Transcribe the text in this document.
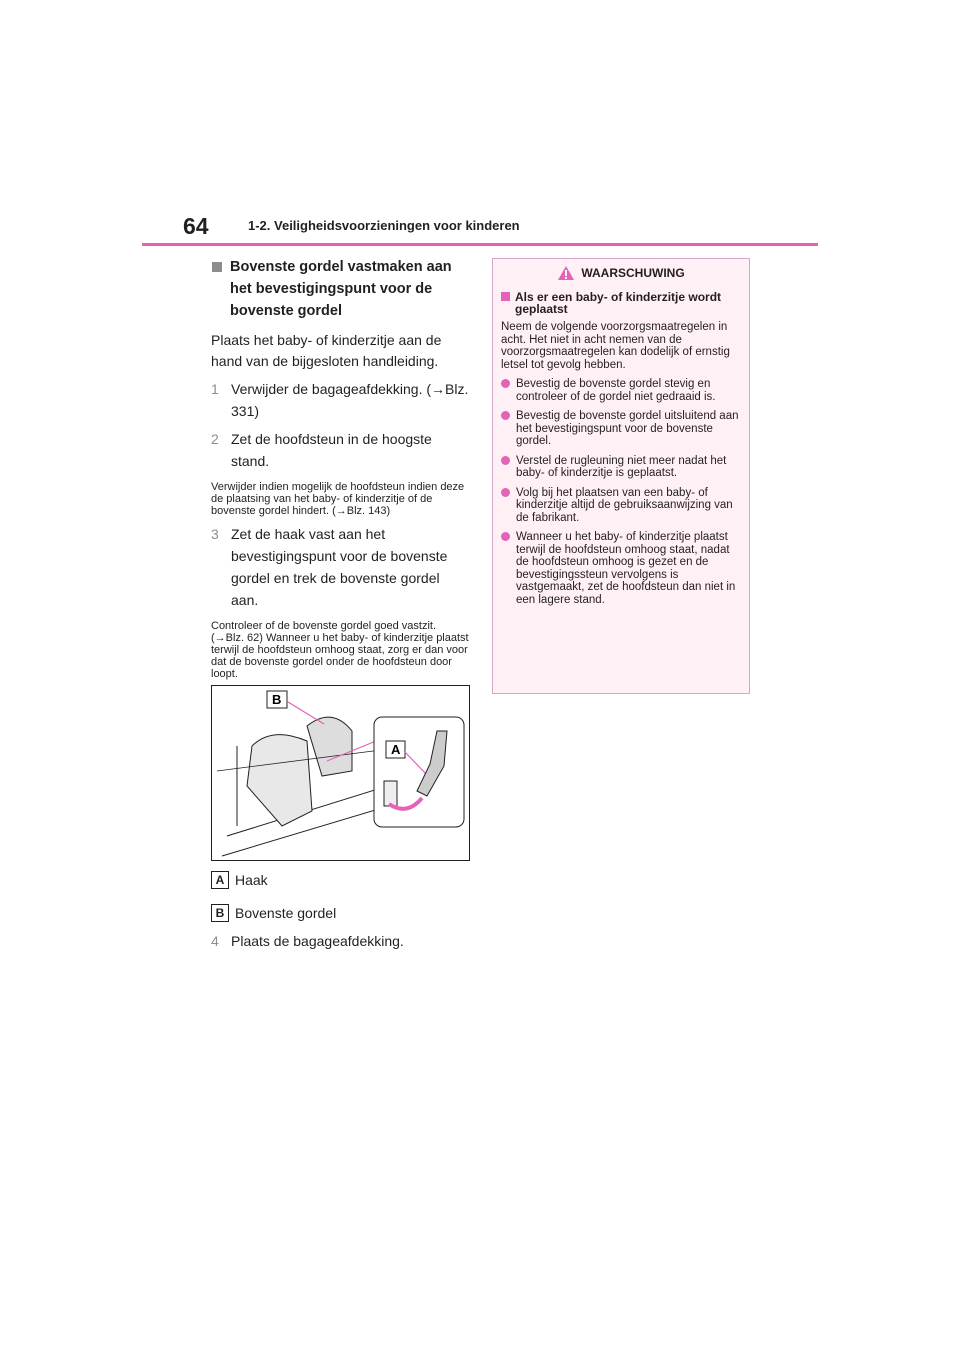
64	1-2. Veiligheidsvoorzieningen voor kinderen
Bovenste gordel vastmaken aan het bevestigingspunt voor de bovenste gordel
Plaats het baby- of kinderzitje aan de hand van de bijgesloten handleiding.
1 Verwijder de bagageafdekking. (→Blz. 331)
2 Zet de hoofdsteun in de hoogste stand.
Verwijder indien mogelijk de hoofdsteun indien deze de plaatsing van het baby- of kinderzitje of de bovenste gordel hindert. (→Blz. 143)
3 Zet de haak vast aan het bevestigingspunt voor de bovenste gordel en trek de bovenste gordel aan.
Controleer of de bovenste gordel goed vastzit. (→Blz. 62) Wanneer u het baby- of kinderzitje plaatst terwijl de hoofdsteun omhoog staat, zorg er dan voor dat de bovenste gordel onder de hoofdsteun door loopt.
B
A
A Haak
B Bovenste gordel
4 Plaats de bagageafdekking.
WAARSCHUWING
Als er een baby- of kinderzitje wordt geplaatst
Neem de volgende voorzorgsmaatregelen in acht. Het niet in acht nemen van de voorzorgsmaatregelen kan dodelijk of ernstig letsel tot gevolg hebben.
Bevestig de bovenste gordel stevig en controleer of de gordel niet gedraaid is.
Bevestig de bovenste gordel uitsluitend aan het bevestigingspunt voor de bovenste gordel.
Verstel de rugleuning niet meer nadat het baby- of kinderzitje is geplaatst.
Volg bij het plaatsen van een baby- of kinderzitje altijd de gebruiksaanwijzing van de fabrikant.
Wanneer u het baby- of kinderzitje plaatst terwijl de hoofdsteun omhoog staat, nadat de hoofdsteun omhoog is gezet en de bevestigingssteun vervolgens is vastgemaakt, zet de hoofdsteun dan niet in een lagere stand.
